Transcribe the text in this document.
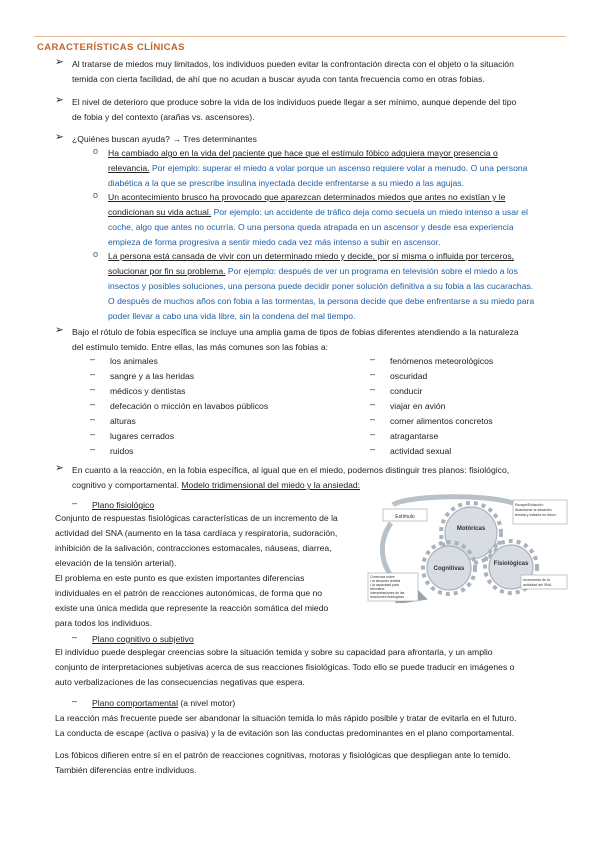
CARACTERÍSTICAS CLÍNICAS
➢ Al tratarse de miedos muy limitados, los individuos pueden evitar la confrontación directa con el objeto o la situación
temida con cierta facilidad, de ahí que no acudan a buscar ayuda con tanta frecuencia como en otras fobias.
➢ El nivel de deterioro que produce sobre la vida de los individuos puede llegar a ser mínimo, aunque depende del tipo
de fobia y del contexto (arañas vs. ascensores).
➢ ¿Quiénes buscan ayuda? → Tres determinantes
o Ha cambiado algo en la vida del paciente que hace que el estímulo fóbico adquiera mayor presencia o
relevancia. Por ejemplo: superar el miedo a volar porque un ascenso requiere volar a menudo. O una persona
diabética a la que se prescribe insulina inyectada decide enfrentarse a su miedo a las agujas.
o Un acontecimiento brusco ha provocado que aparezcan determinados miedos que antes no existían y le
condicionan su vida actual. Por ejemplo: un accidente de tráfico deja como secuela un miedo intenso a usar el
coche, algo que antes no ocurría. O una persona queda atrapada en un ascensor y desde esa experiencia
empieza de forma progresiva a sentir miedo cada vez más intenso a subir en ascensor.
o La persona está cansada de vivir con un determinado miedo y decide, por sí misma o influida por terceros,
solucionar por fin su problema. Por ejemplo: después de ver un programa en televisión sobre el miedo a los
insectos y posibles soluciones, una persona puede decidir poner solución definitiva a su fobia a las cucarachas.
O después de muchos años con fobia a las tormentas, la persona decide que debe enfrentarse a su miedo para
poder llevar a cabo una vida libre, sin la condena del mal tiempo.
➢ Bajo el rótulo de fobia específica se incluye una amplia gama de tipos de fobias diferentes atendiendo a la naturaleza
del estímulo temido. Entre ellas, las más comunes son las fobias a:
– los animales
– sangre y a las heridas
– médicos y dentistas
– defecación o micción en lavabos públicos
– alturas
– lugares cerrados
– ruidos
– fenómenos meteorológicos
– oscuridad
– conducir
– viajar en avión
– comer alimentos concretos
– atragantarse
– actividad sexual
➢ En cuanto a la reacción, en la fobia específica, al igual que en el miedo, podemos distinguir tres planos: fisiológico,
cognitivo y comportamental. Modelo tridimensional del miedo y la ansiedad:
– Plano fisiológico
Conjunto de respuestas fisiológicas características de un incremento de la
actividad del SNA (aumento en la tasa cardíaca y respiratoria, sudoración,
inhibición de la salivación, contracciones estomacales, náuseas, diarrea,
elevación de la tensión arterial).
El problema en este punto es que existen importantes diferencias
individuales en el patrón de reacciones autonómicas, de forma que no
existe una única medida que represente la reacción somática del miedo
para todos los individuos.
Estímulo
Motóricas
Cognitivas
Fisiológicas
Escape/Evitación: Abandonar la situación temida y evitarla en futuro
Creencias sobre • la situación temida • la capacidad para afrontarla Interpretaciones de las reacciones fisiológicas
Incremento de la actividad del SNA
– Plano cognitivo o subjetivo
El individuo puede desplegar creencias sobre la situación temida y sobre su capacidad para afrontarla, y un amplio
conjunto de interpretaciones subjetivas acerca de sus reacciones fisiológicas. Todo ello se puede traducir en imágenes o
auto verbalizaciones de las consecuencias negativas que espera.
– Plano comportamental (a nivel motor)
La reacción más frecuente puede ser abandonar la situación temida lo más rápido posible y tratar de evitarla en el futuro.
La conducta de escape (activa o pasiva) y la de evitación son las conductas predominantes en el plano comportamental.
Los fóbicos difieren entre sí en el patrón de reacciones cognitivas, motoras y fisiológicas que despliegan ante lo temido.
También diferencias entre individuos.
